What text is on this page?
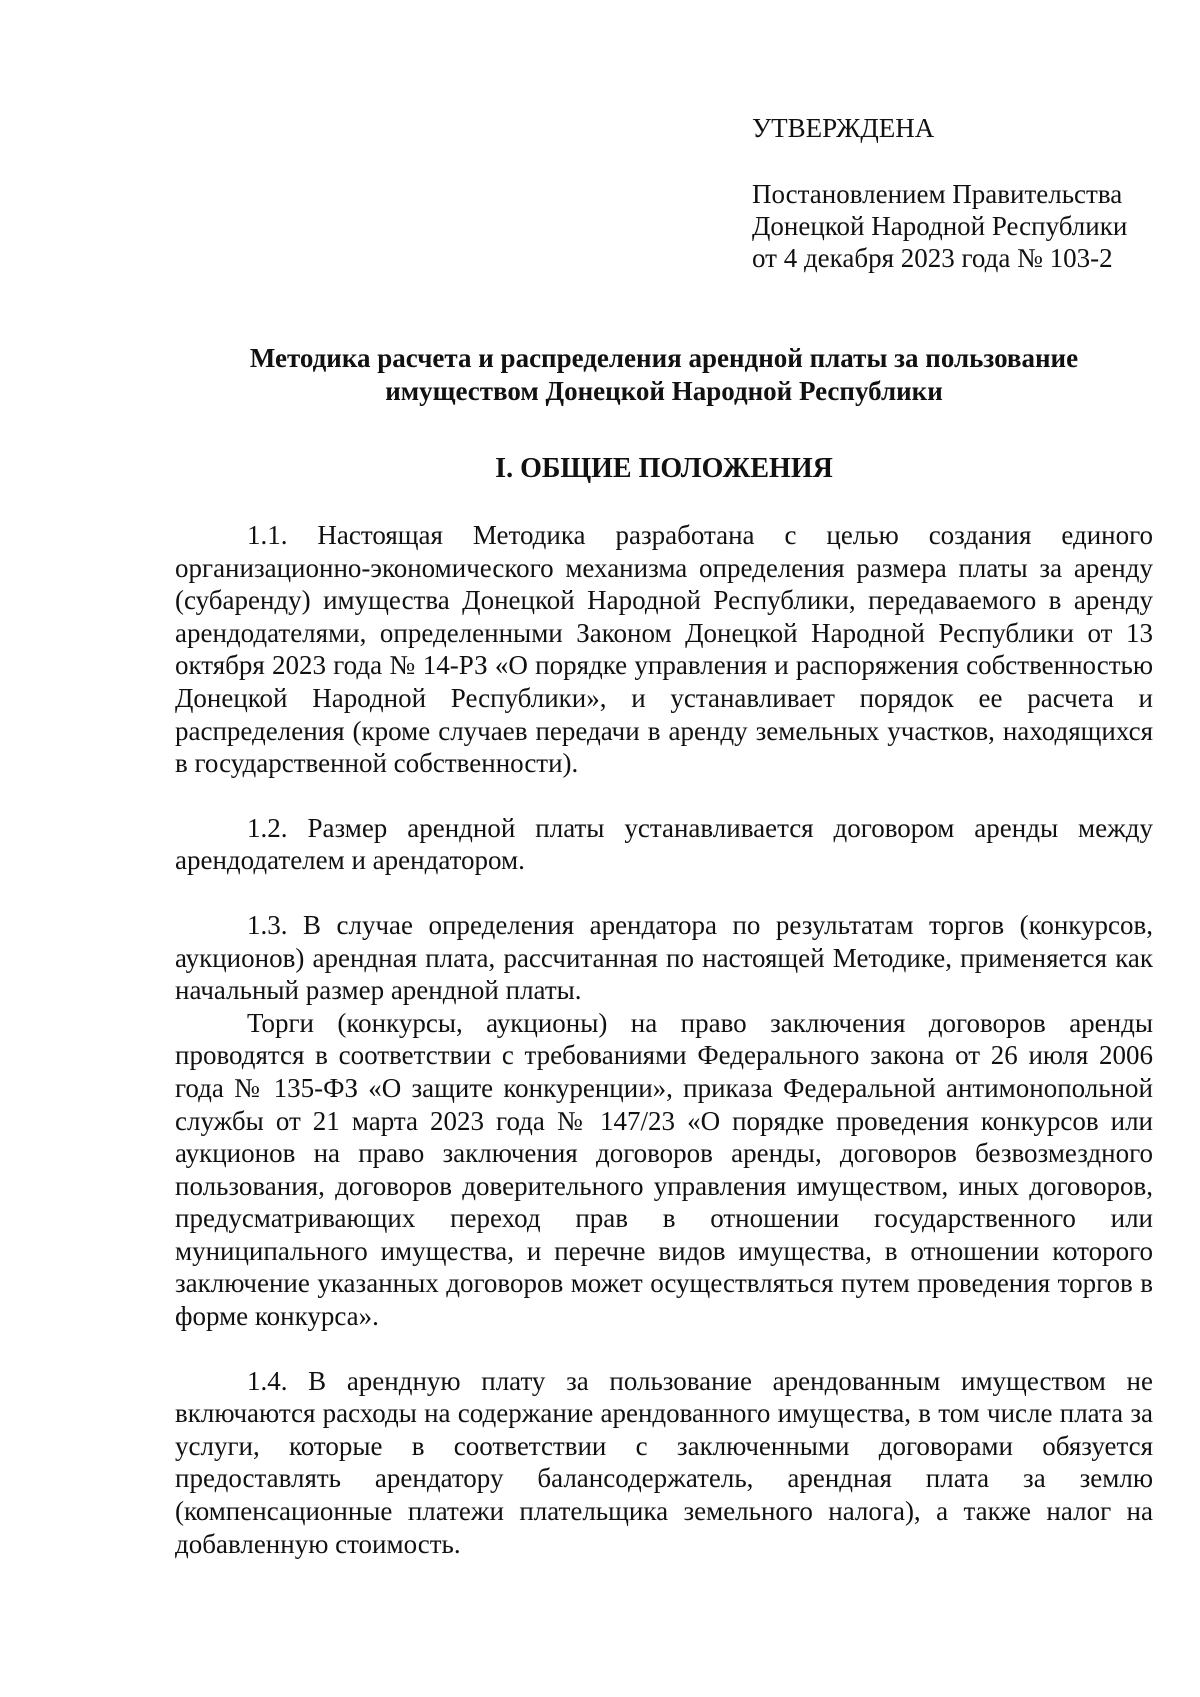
УТВЕРЖДЕНА
Постановлением Правительства
Донецкой Народной Республики
от 4 декабря 2023 года № 103-2
Методика расчета и распределения арендной платы за пользование
имуществом Донецкой Народной Республики
I. ОБЩИЕ ПОЛОЖЕНИЯ

1.1. Настоящая Методика разработана с целью создания единого организационно-экономического механизма определения размера платы за аренду (субаренду) имущества Донецкой Народной Республики, передаваемого в аренду арендодателями, определенными Законом Донецкой Народной Республики от 13 октября 2023 года № 14-РЗ «О порядке управления и распоряжения собственностью Донецкой Народной Республики», и устанавливает порядок ее расчета и распределения (кроме случаев передачи в аренду земельных участков, находящихся в государственной собственности).

1.2. Размер арендной платы устанавливается договором аренды между арендодателем и арендатором.

1.3. В случае определения арендатора по результатам торгов (конкурсов, аукционов) арендная плата, рассчитанная по настоящей Методике, применяется как начальный размер арендной платы.

Торги (конкурсы, аукционы) на право заключения договоров аренды проводятся в соответствии с требованиями Федерального закона от 26 июля 2006 года № 135-ФЗ «О защите конкуренции», приказа Федеральной антимонопольной службы от 21 марта 2023 года № 147/23 «О порядке проведения конкурсов или аукционов на право заключения договоров аренды, договоров безвозмездного пользования, договоров доверительного управления имуществом, иных договоров, предусматривающих переход прав в отношении государственного или муниципального имущества, и перечне видов имущества, в отношении которого заключение указанных договоров может осуществляться путем проведения торгов в форме конкурса».

1.4. В арендную плату за пользование арендованным имуществом не включаются расходы на содержание арендованного имущества, в том числе плата за услуги, которые в соответствии с заключенными договорами обязуется предоставлять арендатору балансодержатель, арендная плата за землю (компенсационные платежи плательщика земельного налога), а также налог на добавленную стоимость.
